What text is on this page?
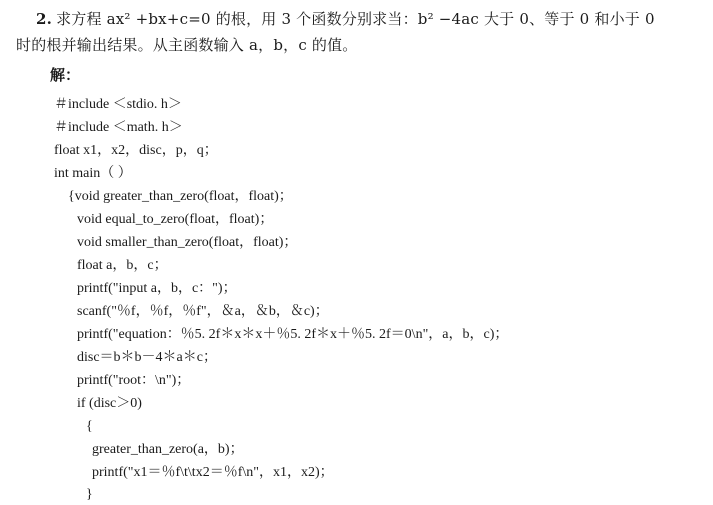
2. 求方程 ax² +bx+c=0 的根，用 3 个函数分别求当：b² −4ac 大于 0、等于 0 和小于 0
时的根并输出结果。从主函数输入 a，b，c 的值。
解：
＃include ＜stdio. h＞
＃include ＜math. h＞
float x1，x2，disc，p，q；
int main（ ）
{void greater_than_zero(float，float)；
void equal_to_zero(float，float)；
void smaller_than_zero(float，float)；
float a，b，c；
printf("input a，b，c：")；
scanf("％f，％f，％f"，＆a，＆b，＆c)；
printf("equation：％5. 2f＊x＊x＋％5. 2f＊x＋％5. 2f＝0\n"，a，b，c)；
disc＝b＊b－4＊a＊c；
printf("root：\n")；
if (disc＞0)
{
greater_than_zero(a，b)；
printf("x1＝％f\t\tx2＝％f\n"，x1，x2)；
}
